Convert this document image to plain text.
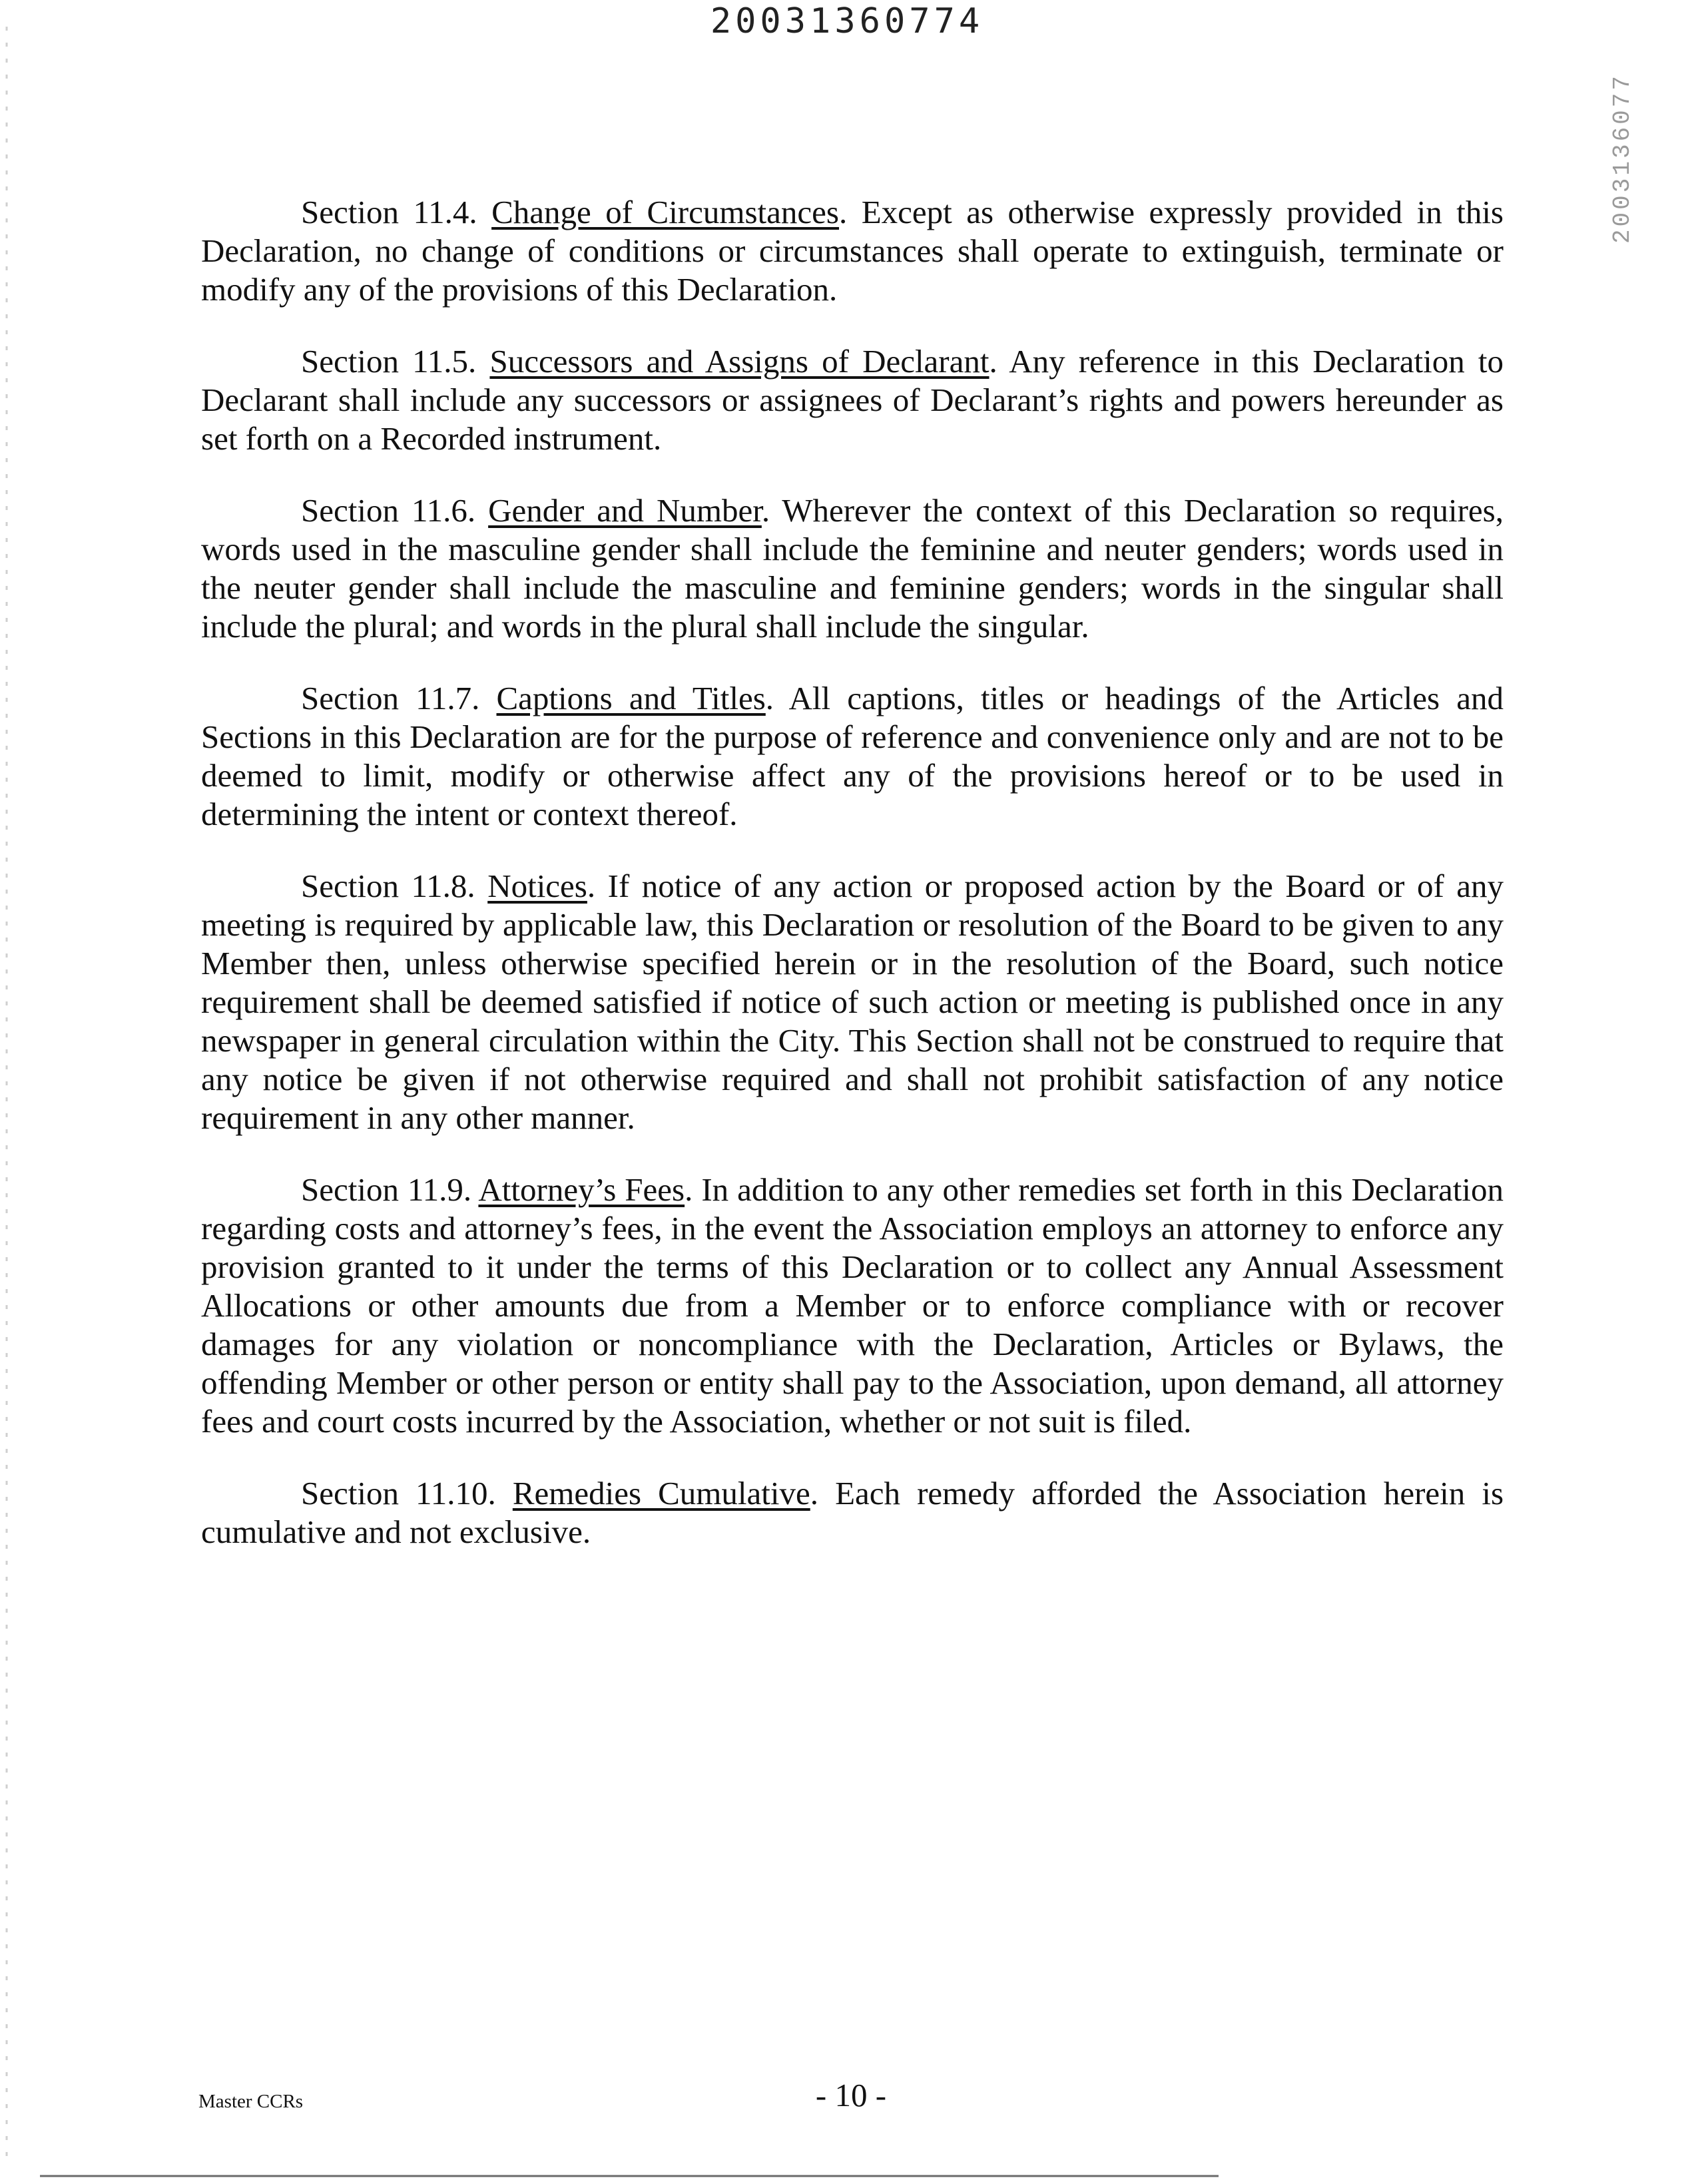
20031360774
2003136077

Section 11.4. Change of Circumstances. Except as otherwise expressly provided in this Declaration, no change of conditions or circumstances shall operate to extinguish, terminate or modify any of the provisions of this Declaration.

Section 11.5. Successors and Assigns of Declarant. Any reference in this Declaration to Declarant shall include any successors or assignees of Declarant’s rights and powers hereunder as set forth on a Recorded instrument.

Section 11.6. Gender and Number. Wherever the context of this Declaration so requires, words used in the masculine gender shall include the feminine and neuter genders; words used in the neuter gender shall include the masculine and feminine genders; words in the singular shall include the plural; and words in the plural shall include the singular.

Section 11.7. Captions and Titles. All captions, titles or headings of the Articles and Sections in this Declaration are for the purpose of reference and convenience only and are not to be deemed to limit, modify or otherwise affect any of the provisions hereof or to be used in determining the intent or context thereof.

Section 11.8. Notices. If notice of any action or proposed action by the Board or of any meeting is required by applicable law, this Declaration or resolution of the Board to be given to any Member then, unless otherwise specified herein or in the resolution of the Board, such notice requirement shall be deemed satisfied if notice of such action or meeting is published once in any newspaper in general circulation within the City. This Section shall not be construed to require that any notice be given if not otherwise required and shall not prohibit satisfaction of any notice requirement in any other manner.

Section 11.9. Attorney’s Fees. In addition to any other remedies set forth in this Declaration regarding costs and attorney’s fees, in the event the Association employs an attorney to enforce any provision granted to it under the terms of this Declaration or to collect any Annual Assessment Allocations or other amounts due from a Member or to enforce compliance with or recover damages for any violation or noncompliance with the Declaration, Articles or Bylaws, the offending Member or other person or entity shall pay to the Association, upon demand, all attorney fees and court costs incurred by the Association, whether or not suit is filed.

Section 11.10. Remedies Cumulative. Each remedy afforded the Association herein is cumulative and not exclusive.

Master CCRs	- 10 -
